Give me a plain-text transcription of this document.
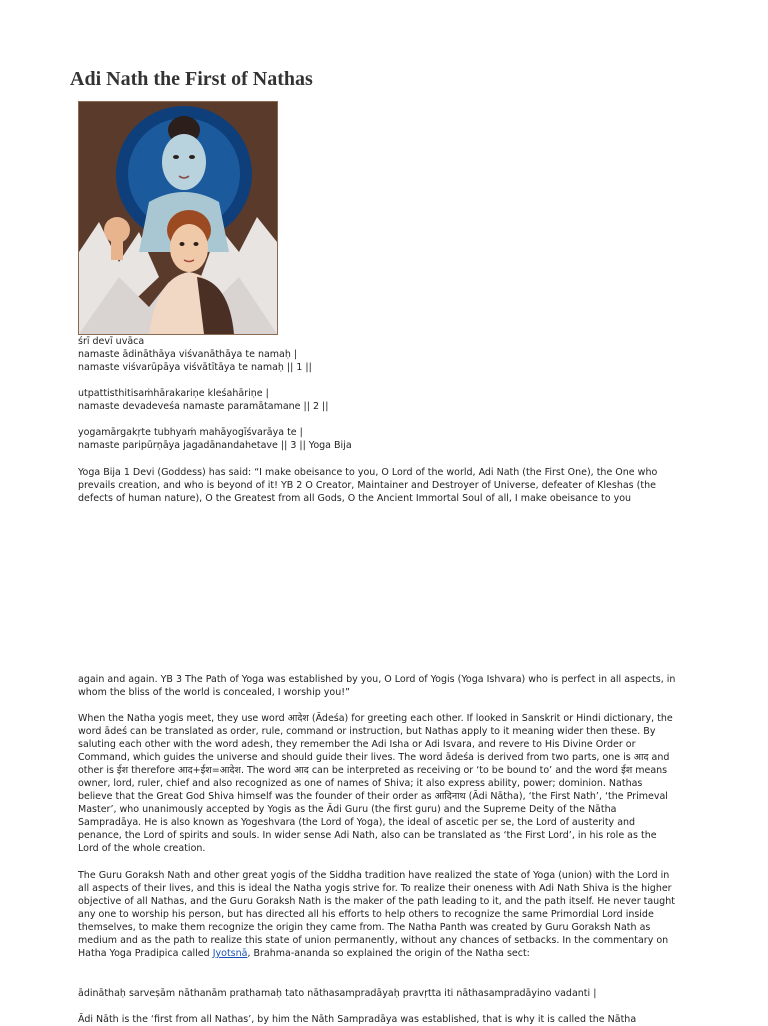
Adi Nath the First of Nathas
śrī devī uvāca
namaste ādināthāya viśvanāthāya te namaḥ |
namaste viśvarūpāya viśvātītāya te namaḥ || 1 ||
utpattisthitisaṁhārakariṇe kleśahāriṇe |
namaste devadeveśa namaste paramātamane || 2 ||
yogamārgakṛte tubhyaṁ mahāyogīśvarāya te |
namaste paripūrṇāya jagadānandahetave || 3 || Yoga Bija

Yoga Bija 1 Devi (Goddess) has said: “I make obeisance to you, O Lord of the world, Adi Nath (the First One), the One who prevails creation, and who is beyond of it! YB 2 O Creator, Maintainer and Destroyer of Universe, defeater of Kleshas (the defects of human nature), O the Greatest from all Gods, O the Ancient Immortal Soul of all, I make obeisance to you

again and again. YB 3 The Path of Yoga was established by you, O Lord of Yogis (Yoga Ishvara) who is perfect in all aspects, in whom the bliss of the world is concealed, I worship you!”

When the Natha yogis meet, they use word आदेश (Ādeśa) for greeting each other. If looked in Sanskrit or Hindi dictionary, the word ādeś can be translated as order, rule, command or instruction, but Nathas apply to it meaning wider then these. By saluting each other with the word adesh, they remember the Adi Isha or Adi Isvara, and revere to His Divine Order or Command, which guides the universe and should guide their lives. The word ādeśa is derived from two parts, one is आद and other is ईश therefore आद+ईश=आदेश. The word आद can be interpreted as receiving or ‘to be bound to’ and the word ईश means owner, lord, ruler, chief and also recognized as one of names of Shiva; it also express ability, power; dominion. Nathas believe that the Great God Shiva himself was the founder of their order as आदिनाथ (Ādi Nātha), ‘the First Nath’, ‘the Primeval Master’, who unanimously accepted by Yogis as the Ādi Guru (the first guru) and the Supreme Deity of the Nātha Sampradāya. He is also known as Yogeshvara (the Lord of Yoga), the ideal of ascetic per se, the Lord of austerity and penance, the Lord of spirits and souls. In wider sense Adi Nath, also can be translated as ‘the First Lord’, in his role as the Lord of the whole creation.

The Guru Goraksh Nath and other great yogis of the Siddha tradition have realized the state of Yoga (union) with the Lord in all aspects of their lives, and this is ideal the Natha yogis strive for. To realize their oneness with Adi Nath Shiva is the higher objective of all Nathas, and the Guru Goraksh Nath is the maker of the path leading to it, and the path itself. He never taught any one to worship his person, but has directed all his efforts to help others to recognize the same Primordial Lord inside themselves, to make them recognize the origin they came from. The Natha Panth was created by Guru Goraksh Nath as medium and as the path to realize this state of union permanently, without any chances of setbacks. In the commentary on Hatha Yoga Pradipica called Jyotsnā, Brahma-ananda so explained the origin of the Natha sect:

ādināthaḥ sarveṣām nāthanām prathamaḥ tato nāthasampradāyaḥ pravṛtta iti nāthasampradāyino vadanti |

Ādi Nāth is the ‘first from all Nathas’, by him the Nāth Sampradāya was established, that is why it is called the Nātha
